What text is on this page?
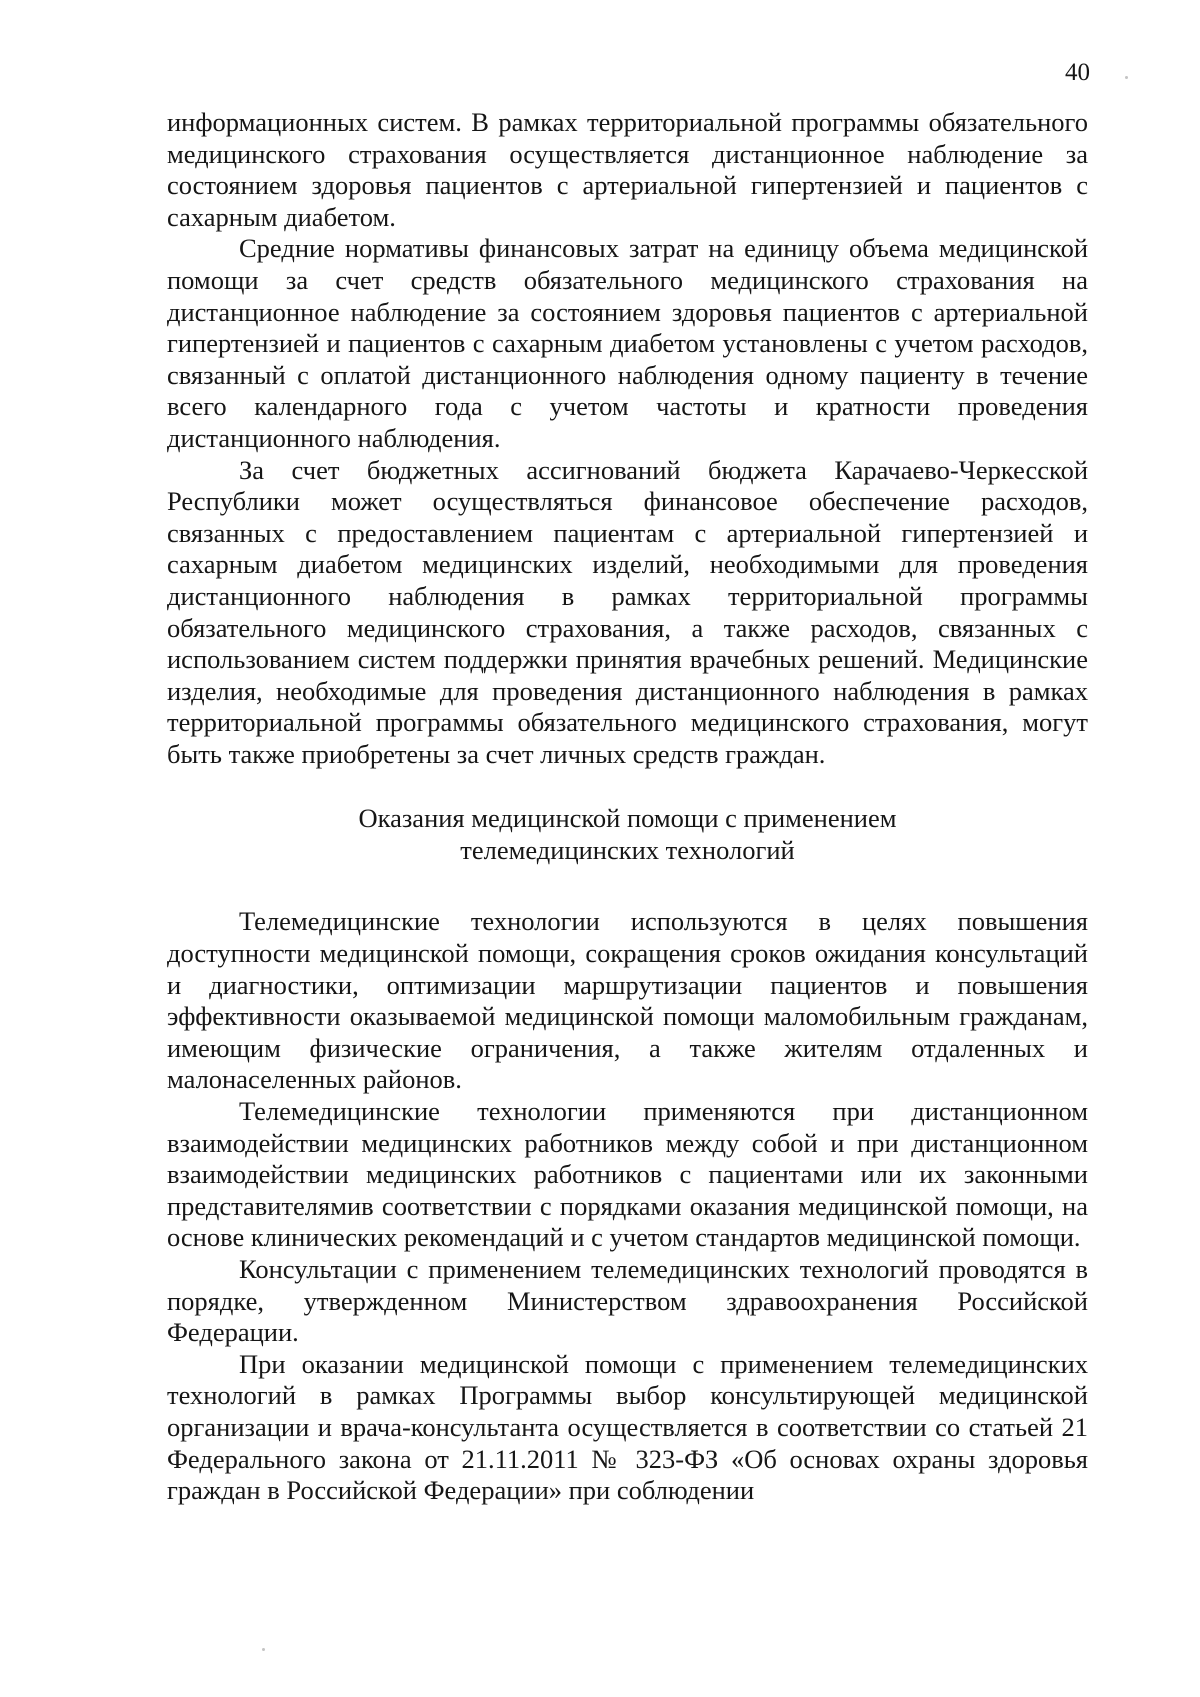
40

информационных систем. В рамках территориальной программы обязательного медицинского страхования осуществляется дистанционное наблюдение за состоянием здоровья пациентов с артериальной гипертензией и пациентов с сахарным диабетом.

Средние нормативы финансовых затрат на единицу объема медицинской помощи за счет средств обязательного медицинского страхования на дистанционное наблюдение за состоянием здоровья пациентов с артериальной гипертензией и пациентов с сахарным диабетом установлены с учетом расходов, связанный с оплатой дистанционного наблюдения одному пациенту в течение всего календарного года с учетом частоты и кратности проведения дистанционного наблюдения.

За счет бюджетных ассигнований бюджета Карачаево-Черкесской Республики может осуществляться финансовое обеспечение расходов, связанных с предоставлением пациентам с артериальной гипертензией и сахарным диабетом медицинских изделий, необходимыми для проведения дистанционного наблюдения в рамках территориальной программы обязательного медицинского страхования, а также расходов, связанных с использованием систем поддержки принятия врачебных решений. Медицинские изделия, необходимые для проведения дистанционного наблюдения в рамках территориальной программы обязательного медицинского страхования, могут быть также приобретены за счет личных средств граждан.

Оказания медицинской помощи с применением
телемедицинских технологий

Телемедицинские технологии используются в целях повышения доступности медицинской помощи, сокращения сроков ожидания консультаций и диагностики, оптимизации маршрутизации пациентов и повышения эффективности оказываемой медицинской помощи маломобильным гражданам, имеющим физические ограничения, а также жителям отдаленных и малонаселенных районов.

Телемедицинские технологии применяются при дистанционном взаимодействии медицинских работников между собой и при дистанционном взаимодействии медицинских работников с пациентами или их законными представителямив соответствии с порядками оказания медицинской помощи, на основе клинических рекомендаций и с учетом стандартов медицинской помощи.

Консультации с применением телемедицинских технологий проводятся в порядке, утвержденном Министерством здравоохранения Российской Федерации.

При оказании медицинской помощи с применением телемедицинских технологий в рамках Программы выбор консультирующей медицинской организации и врача-консультанта осуществляется в соответствии со статьей 21 Федерального закона от 21.11.2011 № 323-ФЗ «Об основах охраны здоровья граждан в Российской Федерации» при соблюдении
